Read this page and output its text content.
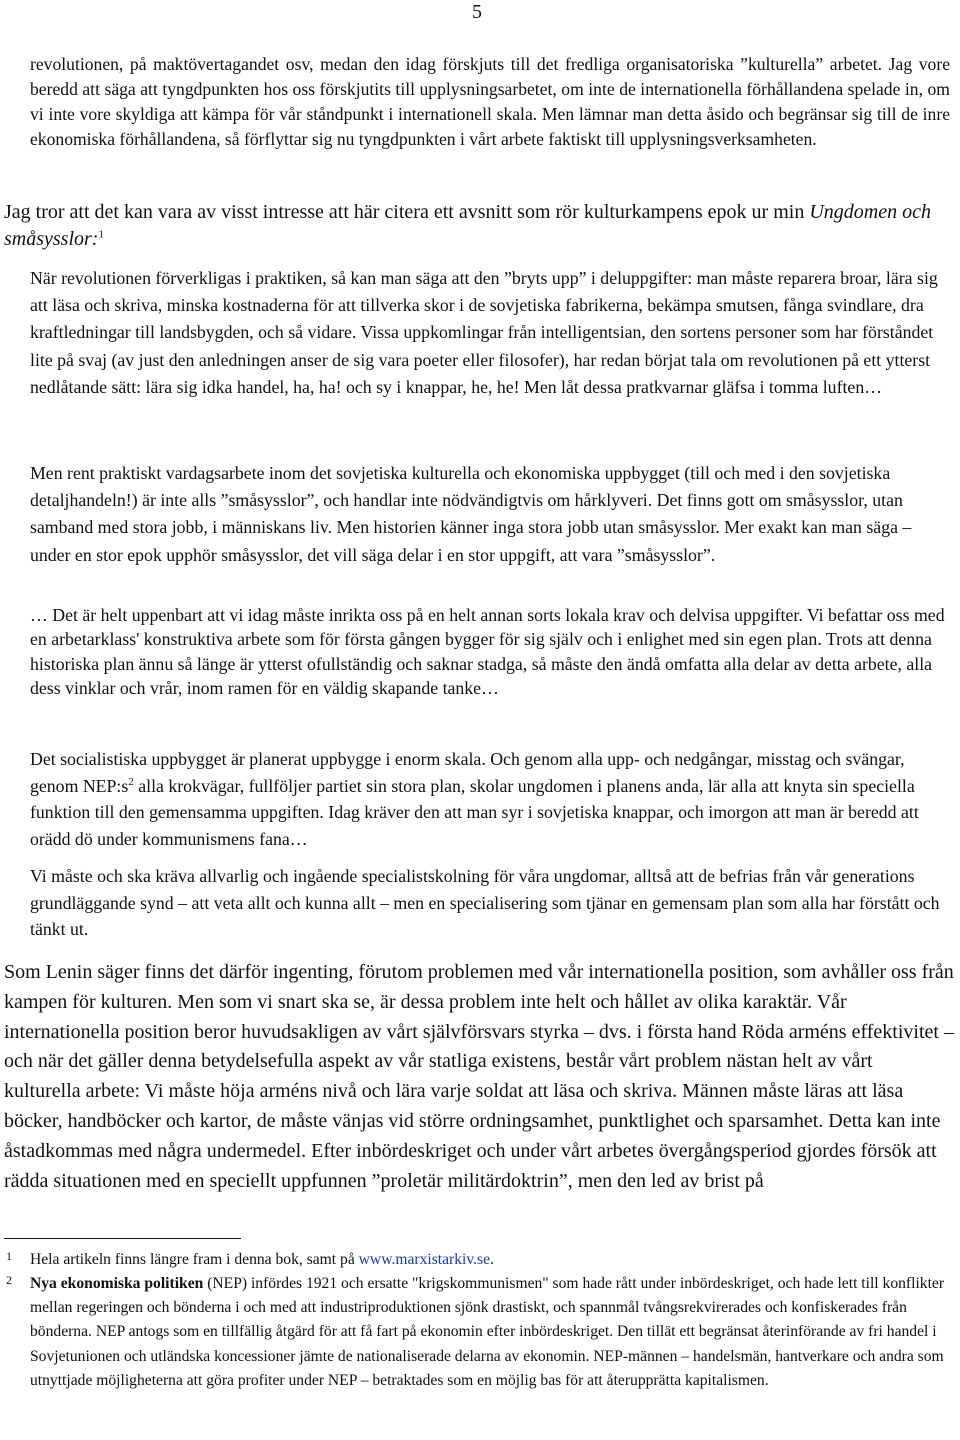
5

revolutionen, på maktövertagandet osv, medan den idag förskjuts till det fredliga organisatoriska ”kulturella” arbetet. Jag vore beredd att säga att tyngdpunkten hos oss förskjutits till upplysningsarbetet, om inte de internationella förhållandena spelade in, om vi inte vore skyldiga att kämpa för vår ståndpunkt i internationell skala. Men lämnar man detta åsido och begränsar sig till de inre ekonomiska förhållandena, så förflyttar sig nu tyngdpunkten i vårt arbete faktiskt till upplysningsverksamheten.

Jag tror att det kan vara av visst intresse att här citera ett avsnitt som rör kulturkampens epok ur min Ungdomen och småsysslor:$^1$

När revolutionen förverkligas i praktiken, så kan man säga att den ”bryts upp” i deluppgifter: man måste reparera broar, lära sig att läsa och skriva, minska kostnaderna för att tillverka skor i de sovjetiska fabrikerna, bekämpa smutsen, fånga svindlare, dra kraftledningar till landsbygden, och så vidare. Vissa uppkomlingar från intelligentsian, den sortens personer som har förståndet lite på svaj (av just den anledningen anser de sig vara poeter eller filosofer), har redan börjat tala om revolutionen på ett ytterst nedlåtande sätt: lära sig idka handel, ha, ha! och sy i knappar, he, he! Men låt dessa pratkvarnar gläfsa i tomma luften…

Men rent praktiskt vardagsarbete inom det sovjetiska kulturella och ekonomiska uppbygget (till och med i den sovjetiska detaljhandeln!) är inte alls ”småsysslor”, och handlar inte nödvändigtvis om hårklyveri. Det finns gott om småsysslor, utan samband med stora jobb, i människans liv. Men historien känner inga stora jobb utan småsysslor. Mer exakt kan man säga – under en stor epok upphör småsysslor, det vill säga delar i en stor uppgift, att vara ”småsysslor”.

… Det är helt uppenbart att vi idag måste inrikta oss på en helt annan sorts lokala krav och delvisa uppgifter. Vi befattar oss med en arbetarklass' konstruktiva arbete som för första gången bygger för sig själv och i enlighet med sin egen plan. Trots att denna historiska plan ännu så länge är ytterst ofullständig och saknar stadga, så måste den ändå omfatta alla delar av detta arbete, alla dess vinklar och vrår, inom ramen för en väldig skapande tanke…

Det socialistiska uppbygget är planerat uppbygge i enorm skala. Och genom alla upp- och nedgångar, misstag och svängar, genom NEP:s$^2$ alla krokvägar, fullföljer partiet sin stora plan, skolar ungdomen i planens anda, lär alla att knyta sin speciella funktion till den gemensamma uppgiften. Idag kräver den att man syr i sovjetiska knappar, och imorgon att man är beredd att orädd dö under kommunismens fana…

Vi måste och ska kräva allvarlig och ingående specialistskolning för våra ungdomar, alltså att de befrias från vår generations grundläggande synd – att veta allt och kunna allt – men en specialisering som tjänar en gemensam plan som alla har förstått och tänkt ut.

Som Lenin säger finns det därför ingenting, förutom problemen med vår internationella position, som avhåller oss från kampen för kulturen. Men som vi snart ska se, är dessa problem inte helt och hållet av olika karaktär. Vår internationella position beror huvudsakligen av vårt självförsvars styrka – dvs. i första hand Röda arméns effektivitet – och när det gäller denna betydelsefulla aspekt av vår statliga existens, består vårt problem nästan helt av vårt kulturella arbete: Vi måste höja arméns nivå och lära varje soldat att läsa och skriva. Männen måste läras att läsa böcker, handböcker och kartor, de måste vänjas vid större ordningsamhet, punktlighet och sparsamhet. Detta kan inte åstadkommas med några undermedel. Efter inbördeskriget och under vårt arbetes övergångsperiod gjordes försök att rädda situationen med en speciellt uppfunnen ”proletär militärdoktrin”, men den led av brist på

1	Hela artikeln finns längre fram i denna bok, samt på www.marxistarkiv.se.
2	Nya ekonomiska politiken (NEP) infördes 1921 och ersatte "krigskommunismen" som hade rått under inbördeskriget, och hade lett till konflikter mellan regeringen och bönderna i och med att industriproduktionen sjönk drastiskt, och spannmål tvångsrekvirerades och konfiskerades från bönderna. NEP antogs som en tillfällig åtgärd för att få fart på ekonomin efter inbördeskriget. Den tillät ett begränsat återinförande av fri handel i Sovjetunionen och utländska koncessioner jämte de nationaliserade delarna av ekonomin. NEP-männen – handelsmän, hantverkare och andra som utnyttjade möjligheterna att göra profiter under NEP – betraktades som en möjlig bas för att återupprätta kapitalismen.
